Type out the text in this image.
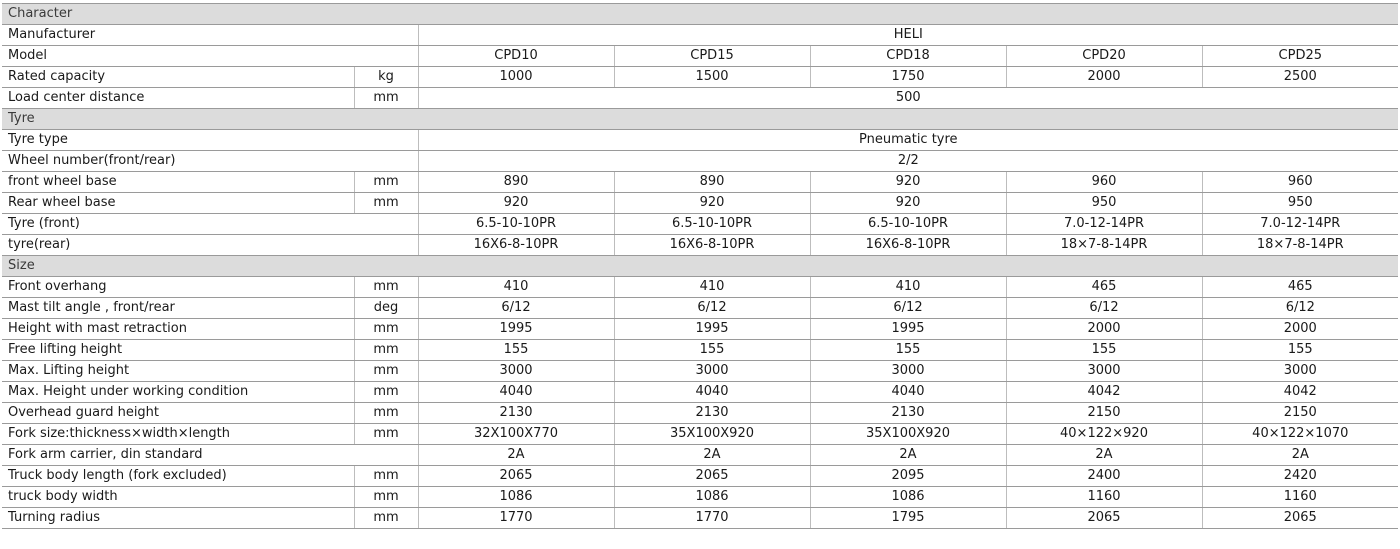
Character						
Manufacturer		HELI				
Model		CPD10	CPD15	CPD18	CPD20	CPD25
Rated capacity	kg	1000	1500	1750	2000	2500
Load center distance	mm	500				
Tyre						
Tyre type		Pneumatic tyre				
Wheel number(front/rear)		2/2				
front wheel base	mm	890	890	920	960	960
Rear wheel base	mm	920	920	920	950	950
Tyre (front)		6.5-10-10PR	6.5-10-10PR	6.5-10-10PR	7.0-12-14PR	7.0-12-14PR
tyre(rear)		16X6-8-10PR	16X6-8-10PR	16X6-8-10PR	18×7-8-14PR	18×7-8-14PR
Size						
Front overhang	mm	410	410	410	465	465
Mast tilt angle , front/rear	deg	6/12	6/12	6/12	6/12	6/12
Height with mast retraction	mm	1995	1995	1995	2000	2000
Free lifting height	mm	155	155	155	155	155
Max. Lifting height	mm	3000	3000	3000	3000	3000
Max. Height under working condition	mm	4040	4040	4040	4042	4042
Overhead guard height	mm	2130	2130	2130	2150	2150
Fork size:thickness×width×length	mm	32X100X770	35X100X920	35X100X920	40×122×920	40×122×1070
Fork arm carrier, din standard		2A	2A	2A	2A	2A
Truck body length (fork excluded)	mm	2065	2065	2095	2400	2420
truck body width	mm	1086	1086	1086	1160	1160
Turning radius	mm	1770	1770	1795	2065	2065
